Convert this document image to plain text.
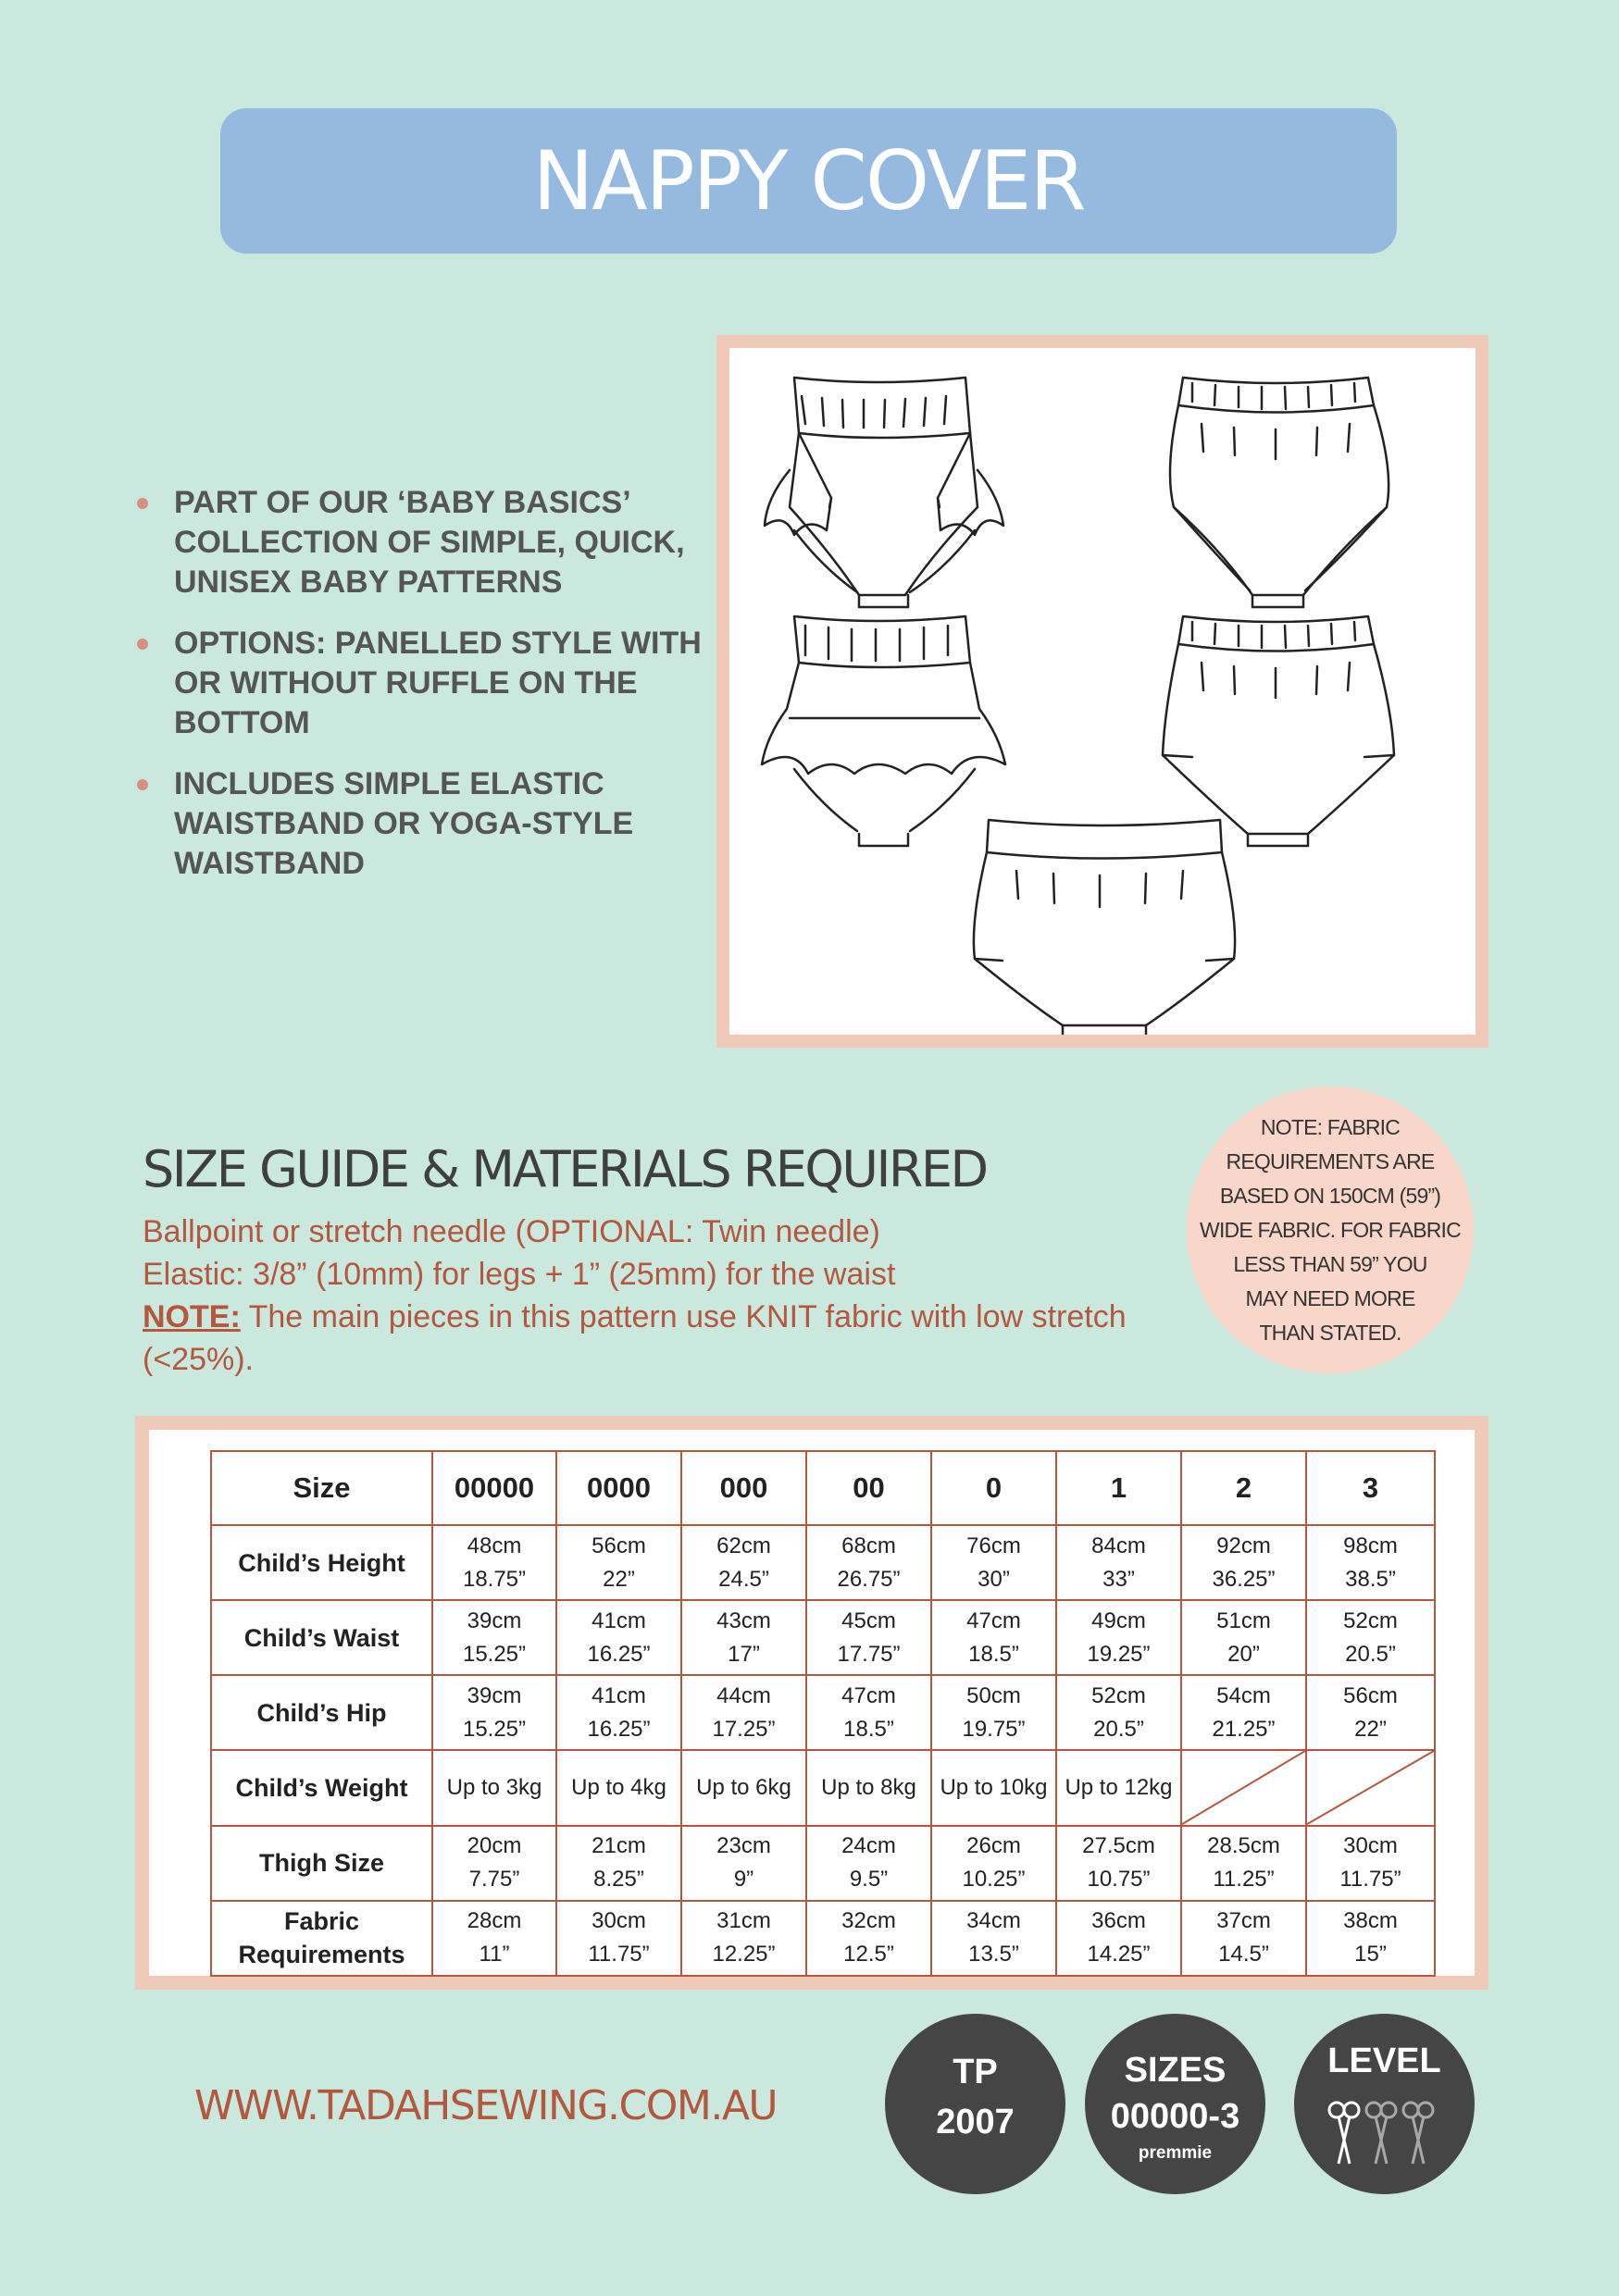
NAPPY COVER
PART OF OUR ‘BABY BASICS’ COLLECTION OF SIMPLE, QUICK, UNISEX BABY PATTERNS
OPTIONS: PANELLED STYLE WITH OR WITHOUT RUFFLE ON THE BOTTOM
INCLUDES SIMPLE ELASTIC WAISTBAND OR YOGA-STYLE WAISTBAND
SIZE GUIDE & MATERIALS REQUIRED

Ballpoint or stretch needle (OPTIONAL: Twin needle)

Elastic: 3/8” (10mm) for legs + 1” (25mm) for the waist

NOTE: The main pieces in this pattern use KNIT fabric with low stretch (<25%).

NOTE: FABRIC
REQUIREMENTS ARE
BASED ON 150CM (59”)
WIDE FABRIC. FOR FABRIC
LESS THAN 59” YOU
MAY NEED MORE
THAN STATED.

Size	00000	0000	000	00	0	1	2	3
Child’s Height	48cm
18.75”	56cm
22”	62cm
24.5”	68cm
26.75”	76cm
30”	84cm
33”	92cm
36.25”	98cm
38.5”

Child’s Waist	39cm
15.25”	41cm
16.25”	43cm
17”	45cm
17.75”	47cm
18.5”	49cm
19.25”	51cm
20”	52cm
20.5”

Child’s Hip	39cm
15.25”	41cm
16.25”	44cm
17.25”	47cm
18.5”	50cm
19.75”	52cm
20.5”	54cm
21.25”	56cm
22”

Child’s Weight	Up to 3kg	Up to 4kg	Up to 6kg	Up to 8kg	Up to 10kg	Up to 12kg

Thigh Size	20cm
7.75”	21cm
8.25”	23cm
9”	24cm
9.5”	26cm
10.25”	27.5cm
10.75”	28.5cm
11.25”	30cm
11.75”

Fabric Requirements	28cm
11”	30cm
11.75”	31cm
12.25”	32cm
12.5”	34cm
13.5”	36cm
14.25”	37cm
14.5”	38cm
15”
WWW.TADAHSEWING.COM.AU
TP
2007
SIZES
00000-3
premmie
LEVEL
